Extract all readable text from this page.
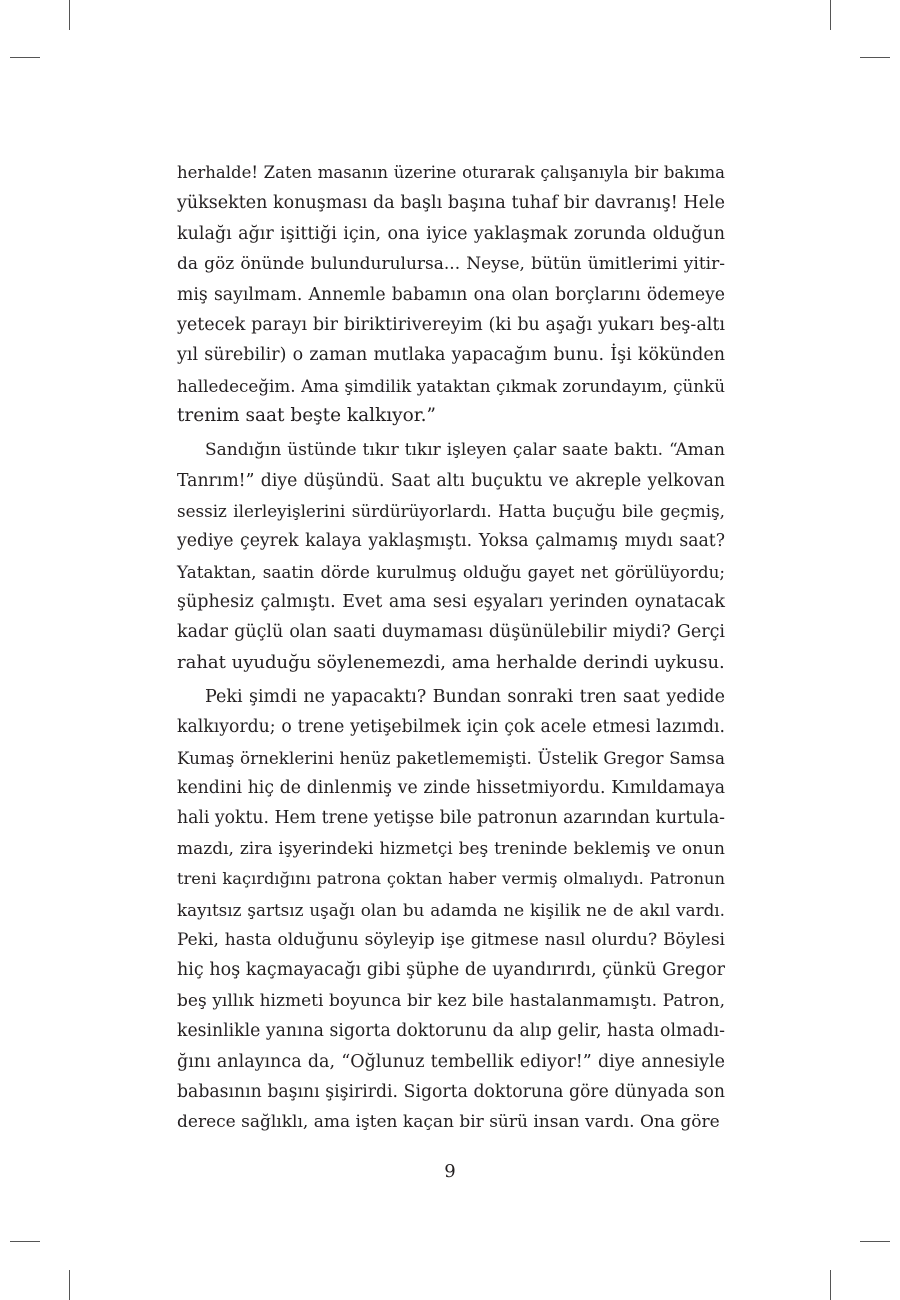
herhalde! Zaten masanın üzerine oturarak çalışanıyla bir bakıma
yüksekten konuşması da başlı başına tuhaf bir davranış! Hele
kulağı ağır işittiği için, ona iyice yaklaşmak zorunda olduğun
da göz önünde bulundurulursa... Neyse, bütün ümitlerimi yitir-
miş sayılmam. Annemle babamın ona olan borçlarını ödemeye
yetecek parayı bir biriktirivereyim (ki bu aşağı yukarı beş-altı
yıl sürebilir) o zaman mutlaka yapacağım bunu. İşi kökünden
halledeceğim. Ama şimdilik yataktan çıkmak zorundayım, çünkü
trenim saat beşte kalkıyor.”
Sandığın üstünde tıkır tıkır işleyen çalar saate baktı. “Aman
Tanrım!” diye düşündü. Saat altı buçuktu ve akreple yelkovan
sessiz ilerleyişlerini sürdürüyorlardı. Hatta buçuğu bile geçmiş,
yediye çeyrek kalaya yaklaşmıştı. Yoksa çalmamış mıydı saat?
Yataktan, saatin dörde kurulmuş olduğu gayet net görülüyordu;
şüphesiz çalmıştı. Evet ama sesi eşyaları yerinden oynatacak
kadar güçlü olan saati duymaması düşünülebilir miydi? Gerçi
rahat uyuduğu söylenemezdi, ama herhalde derindi uykusu.
Peki şimdi ne yapacaktı? Bundan sonraki tren saat yedide
kalkıyordu; o trene yetişebilmek için çok acele etmesi lazımdı.
Kumaş örneklerini henüz paketlememişti. Üstelik Gregor Samsa
kendini hiç de dinlenmiş ve zinde hissetmiyordu. Kımıldamaya
hali yoktu. Hem trene yetişse bile patronun azarından kurtula-
mazdı, zira işyerindeki hizmetçi beş treninde beklemiş ve onun
treni kaçırdığını patrona çoktan haber vermiş olmalıydı. Patronun
kayıtsız şartsız uşağı olan bu adamda ne kişilik ne de akıl vardı.
Peki, hasta olduğunu söyleyip işe gitmese nasıl olurdu? Böylesi
hiç hoş kaçmayacağı gibi şüphe de uyandırırdı, çünkü Gregor
beş yıllık hizmeti boyunca bir kez bile hastalanmamıştı. Patron,
kesinlikle yanına sigorta doktorunu da alıp gelir, hasta olmadı-
ğını anlayınca da, “Oğlunuz tembellik ediyor!” diye annesiyle
babasının başını şişirirdi. Sigorta doktoruna göre dünyada son
derece sağlıklı, ama işten kaçan bir sürü insan vardı. Ona göre
9
